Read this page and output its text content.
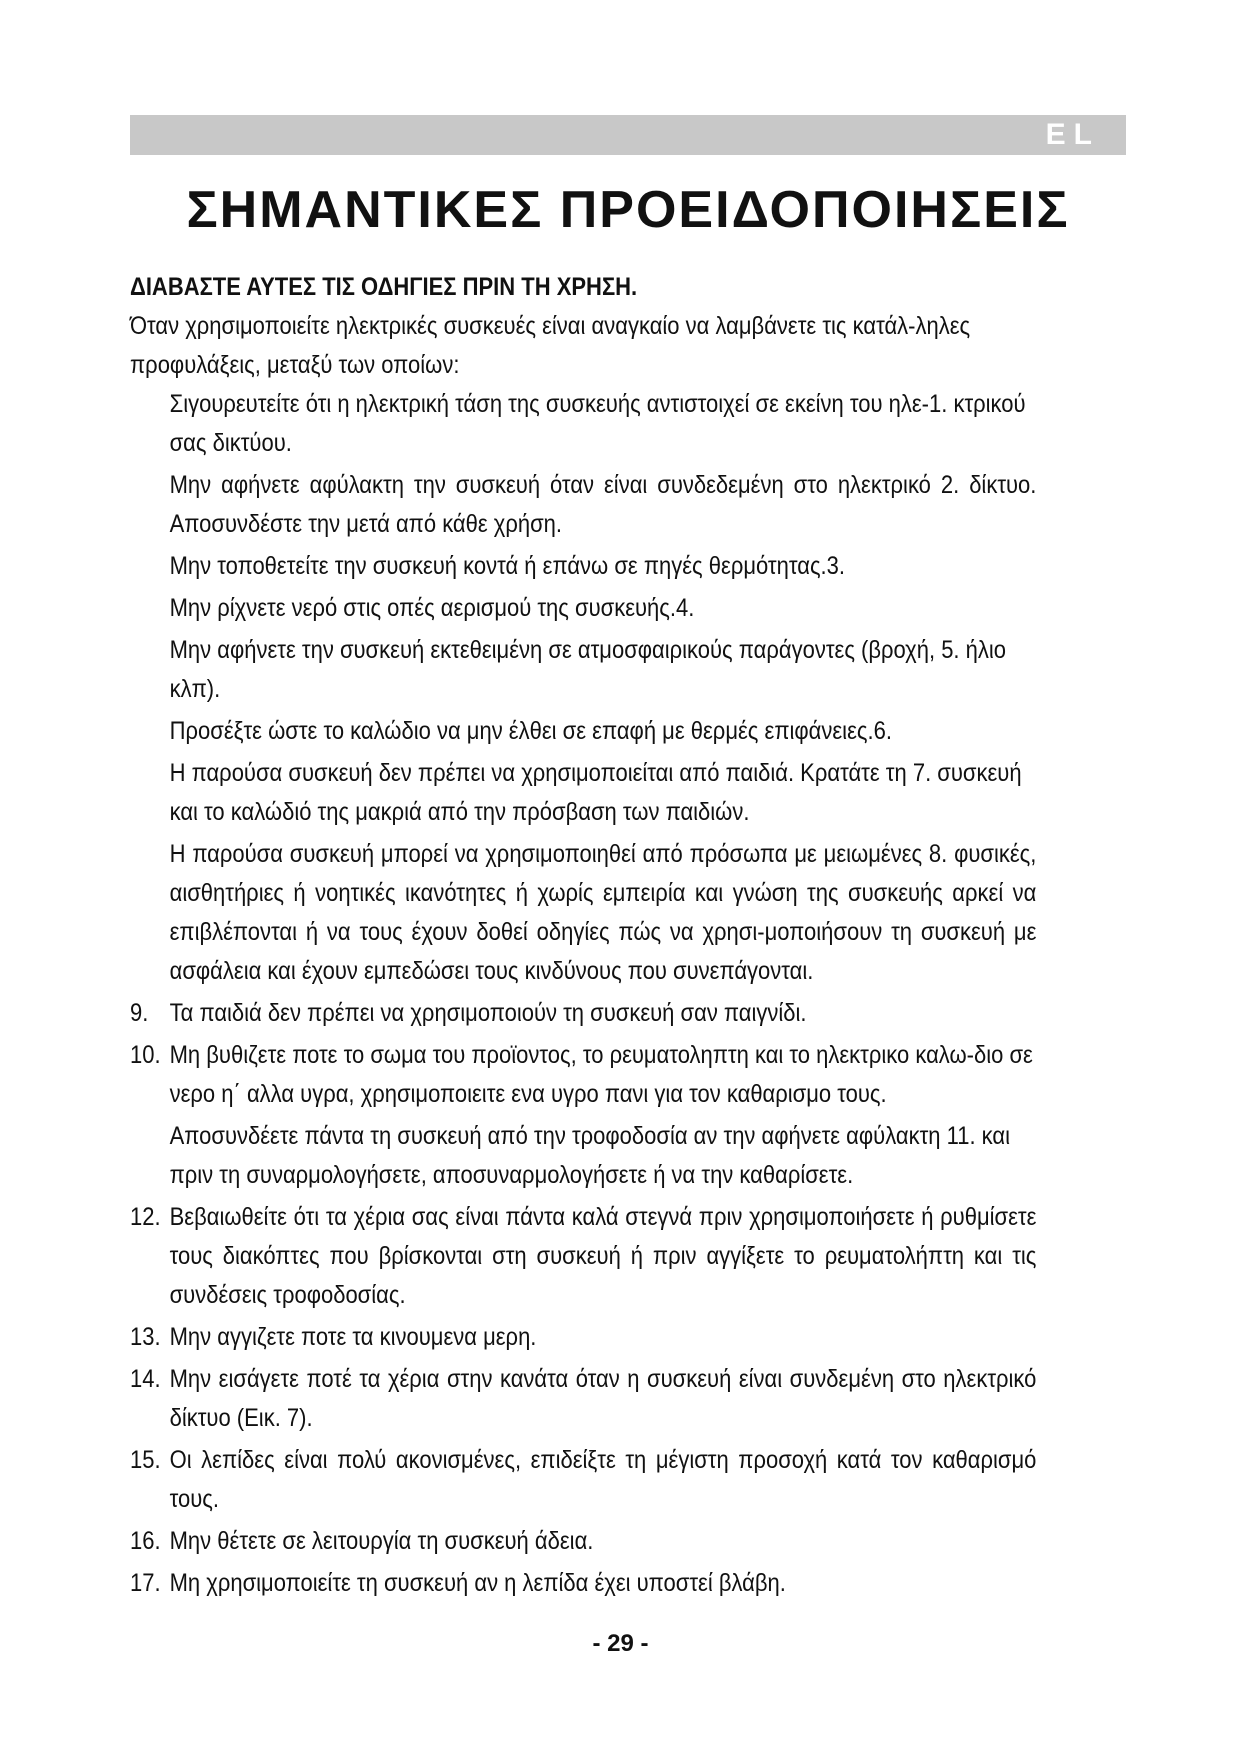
EL
ΣΗΜΑΝΤΙΚΕΣ ΠΡΟΕΙΔΟΠΟΙΗΣΕΙΣ

ΔΙΑΒΑΣΤΕ ΑΥΤΕΣ ΤΙΣ ΟΔΗΓΙΕΣ ΠΡΙΝ ΤΗ ΧΡΗΣΗ.

Όταν χρησιμοποιείτε ηλεκτρικές συσκευές είναι αναγκαίο να λαμβάνετε τις κατάλ-ληλες προφυλάξεις, μεταξύ των οποίων:

Σιγουρευτείτε ότι η ηλεκτρική τάση της συσκευής αντιστοιχεί σε εκείνη του ηλε-1. κτρικού σας δικτύου.
Μην αφήνετε αφύλακτη την συσκευή όταν είναι συνδεδεμένη στο ηλεκτρικό 2. δίκτυο. Αποσυνδέστε την μετά από κάθε χρήση.
Μην τοποθετείτε την συσκευή κοντά ή επάνω σε πηγές θερμότητας.3.
Μην ρίχνετε νερό στις οπές αερισμού της συσκευής.4.
Μην αφήνετε την συσκευή εκτεθειμένη σε ατμοσφαιρικούς παράγοντες (βροχή, 5. ήλιο κλπ).
Προσέξτε ώστε το καλώδιο να μην έλθει σε επαφή με θερμές επιφάνειες.6.
Η παρούσα συσκευή δεν πρέπει να χρησιμοποιείται από παιδιά. Κρατάτε τη 7. συσκευή και το καλώδιό της μακριά από την πρόσβαση των παιδιών.
Η παρούσα συσκευή μπορεί να χρησιμοποιηθεί από πρόσωπα με μειωμένες 8. φυσικές, αισθητήριες ή νοητικές ικανότητες ή χωρίς εμπειρία και γνώση της συσκευής αρκεί να επιβλέπονται ή να τους έχουν δοθεί οδηγίες πώς να χρησι-μοποιήσουν τη συσκευή με ασφάλεια και έχουν εμπεδώσει τους κινδύνους που συνεπάγονται.
9. Τα παιδιά δεν πρέπει να χρησιμοποιούν τη συσκευή σαν παιγνίδι.
10. Μη βυθιζετε ποτε το σωμα του προϊοντος, το ρευματοληπτη και το ηλεκτρικο καλω-διο σε νερο η΄ αλλα υγρα, χρησιμοποιειτε ενα υγρο πανι για τον καθαρισμο τους.
Αποσυνδέετε πάντα τη συσκευή από την τροφοδοσία αν την αφήνετε αφύλακτη 11. και πριν τη συναρμολογήσετε, αποσυναρμολογήσετε ή να την καθαρίσετε.
12. Βεβαιωθείτε ότι τα χέρια σας είναι πάντα καλά στεγνά πριν χρησιμοποιήσετε ή ρυθμίσετε τους διακόπτες που βρίσκονται στη συσκευή ή πριν αγγίξετε το ρευματολήπτη και τις συνδέσεις τροφοδοσίας.
13. Μην αγγιζετε ποτε τα κινουμενα μερη.
14. Μην εισάγετε ποτέ τα χέρια στην κανάτα όταν η συσκευή είναι συνδεμένη στο ηλεκτρικό δίκτυο (Εικ. 7).
15. Οι λεπίδες είναι πολύ ακονισμένες, επιδείξτε τη μέγιστη προσοχή κατά τον καθαρισμό τους.
16. Μην θέτετε σε λειτουργία τη συσκευή άδεια.
17. Μη χρησιμοποιείτε τη συσκευή αν η λεπίδα έχει υποστεί βλάβη.
- 29 -
